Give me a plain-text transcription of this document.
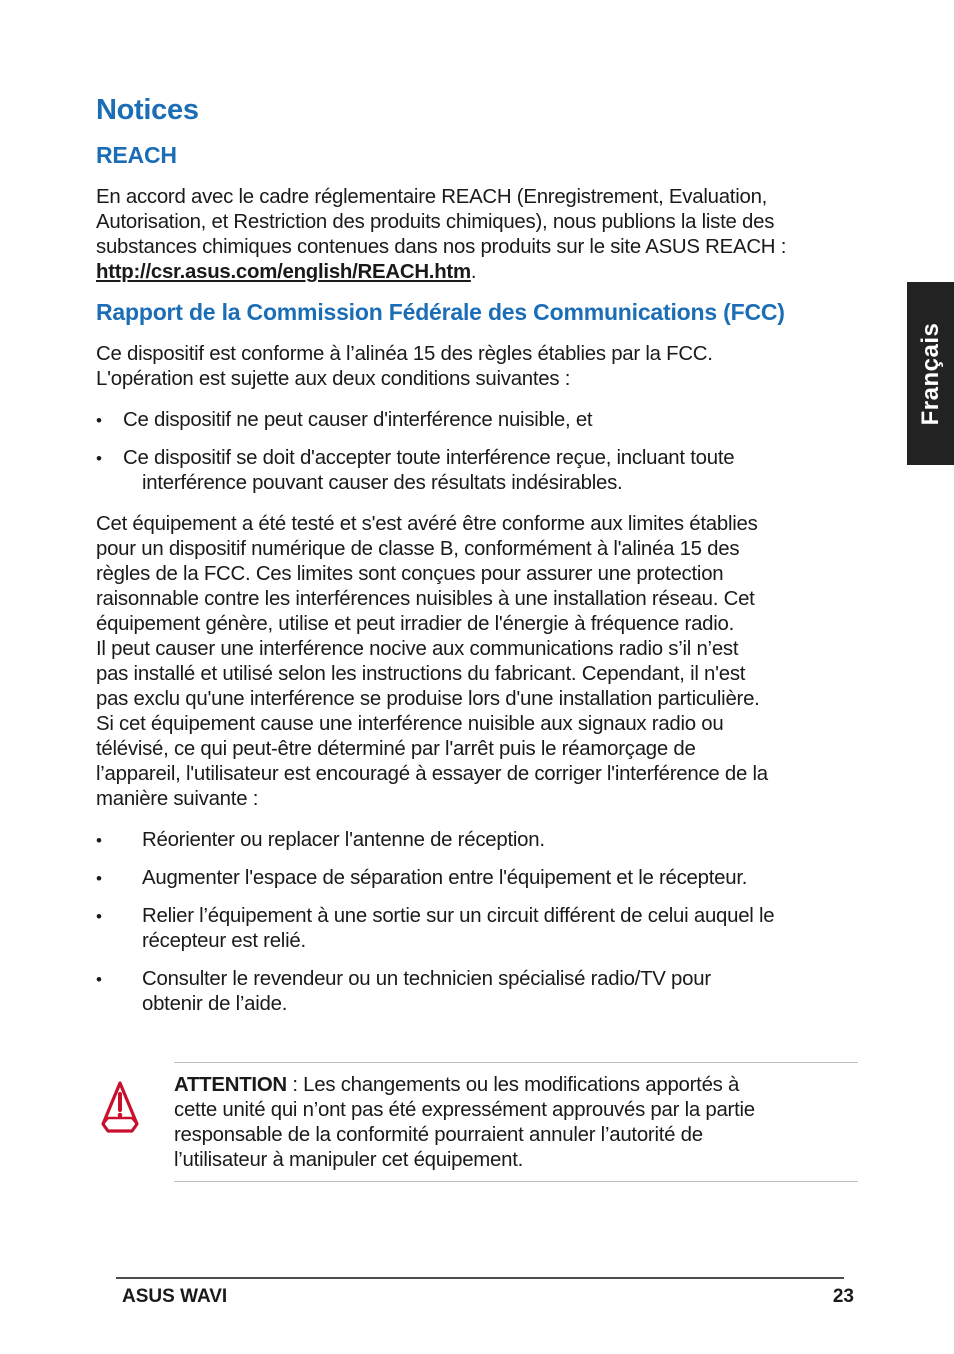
Français
Notices
REACH

En accord avec le cadre réglementaire REACH (Enregistrement, Evaluation,

Autorisation, et Restriction des produits chimiques), nous publions la liste des

substances chimiques contenues dans nos produits sur le site ASUS REACH :

http://csr.asus.com/english/REACH.htm.

Rapport de la Commission Fédérale des Communications (FCC)

Ce dispositif est conforme à l’alinéa 15 des règles établies par la FCC.

L'opération est sujette aux deux conditions suivantes :

•	Ce dispositif ne peut causer d'interférence nuisible, et
•	Ce dispositif se doit d'accepter toute interférence reçue, incluant toute
interférence pouvant causer des résultats indésirables.

Cet équipement a été testé et s'est avéré être conforme aux limites établies

pour un dispositif numérique de classe B, conformément à l'alinéa 15 des

règles de la FCC. Ces limites sont conçues pour assurer une protection

raisonnable contre les interférences nuisibles à une installation réseau. Cet

équipement génère, utilise et peut irradier de l'énergie à fréquence radio.

Il peut causer une interférence nocive aux communications radio s’il n’est

pas installé et utilisé selon les instructions du fabricant. Cependant, il n'est

pas exclu qu'une interférence se produise lors d'une installation particulière.

Si cet équipement cause une interférence nuisible aux signaux radio ou

télévisé, ce qui peut-être déterminé par l'arrêt puis le réamorçage de

l’appareil, l'utilisateur est encouragé à essayer de corriger l'interférence de la

manière suivante :

•	Réorienter ou replacer l'antenne de réception.
•	Augmenter l'espace de séparation entre l'équipement et le récepteur.
•	Relier l’équipement à une sortie sur un circuit différent de celui auquel le
récepteur est relié.
•	Consulter le revendeur ou un technicien spécialisé radio/TV pour
obtenir de l’aide.
ATTENTION : Les changements ou les modifications apportés à
cette unité qui n’ont pas été expressément approuvés par la partie
responsable de la conformité pourraient annuler l’autorité de
l’utilisateur à manipuler cet équipement.
ASUS WAVI	23
